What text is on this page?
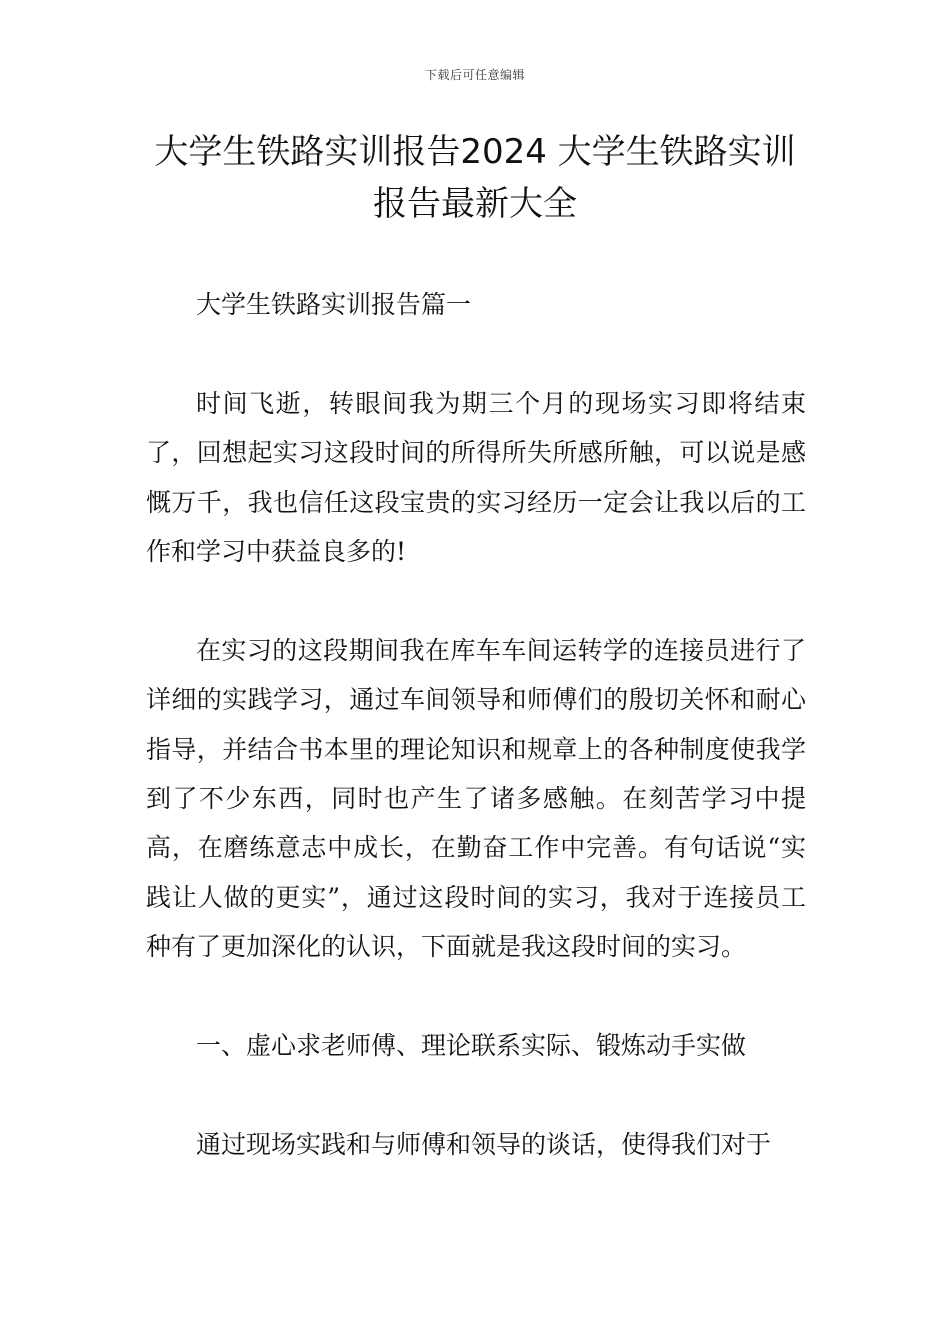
下载后可任意编辑
大学生铁路实训报告2024 大学生铁路实训报告最新大全

大学生铁路实训报告篇一

时间飞逝，转眼间我为期三个月的现场实习即将结束了，回想起实习这段时间的所得所失所感所触，可以说是感慨万千，我也信任这段宝贵的实习经历一定会让我以后的工作和学习中获益良多的!

在实习的这段期间我在库车车间运转学的连接员进行了详细的实践学习，通过车间领导和师傅们的殷切关怀和耐心指导，并结合书本里的理论知识和规章上的各种制度使我学到了不少东西，同时也产生了诸多感触。在刻苦学习中提高，在磨练意志中成长，在勤奋工作中完善。有句话说“实践让人做的更实”，通过这段时间的实习，我对于连接员工种有了更加深化的认识，下面就是我这段时间的实习。

一、虚心求老师傅、理论联系实际、锻炼动手实做

通过现场实践和与师傅和领导的谈话，使得我们对于
